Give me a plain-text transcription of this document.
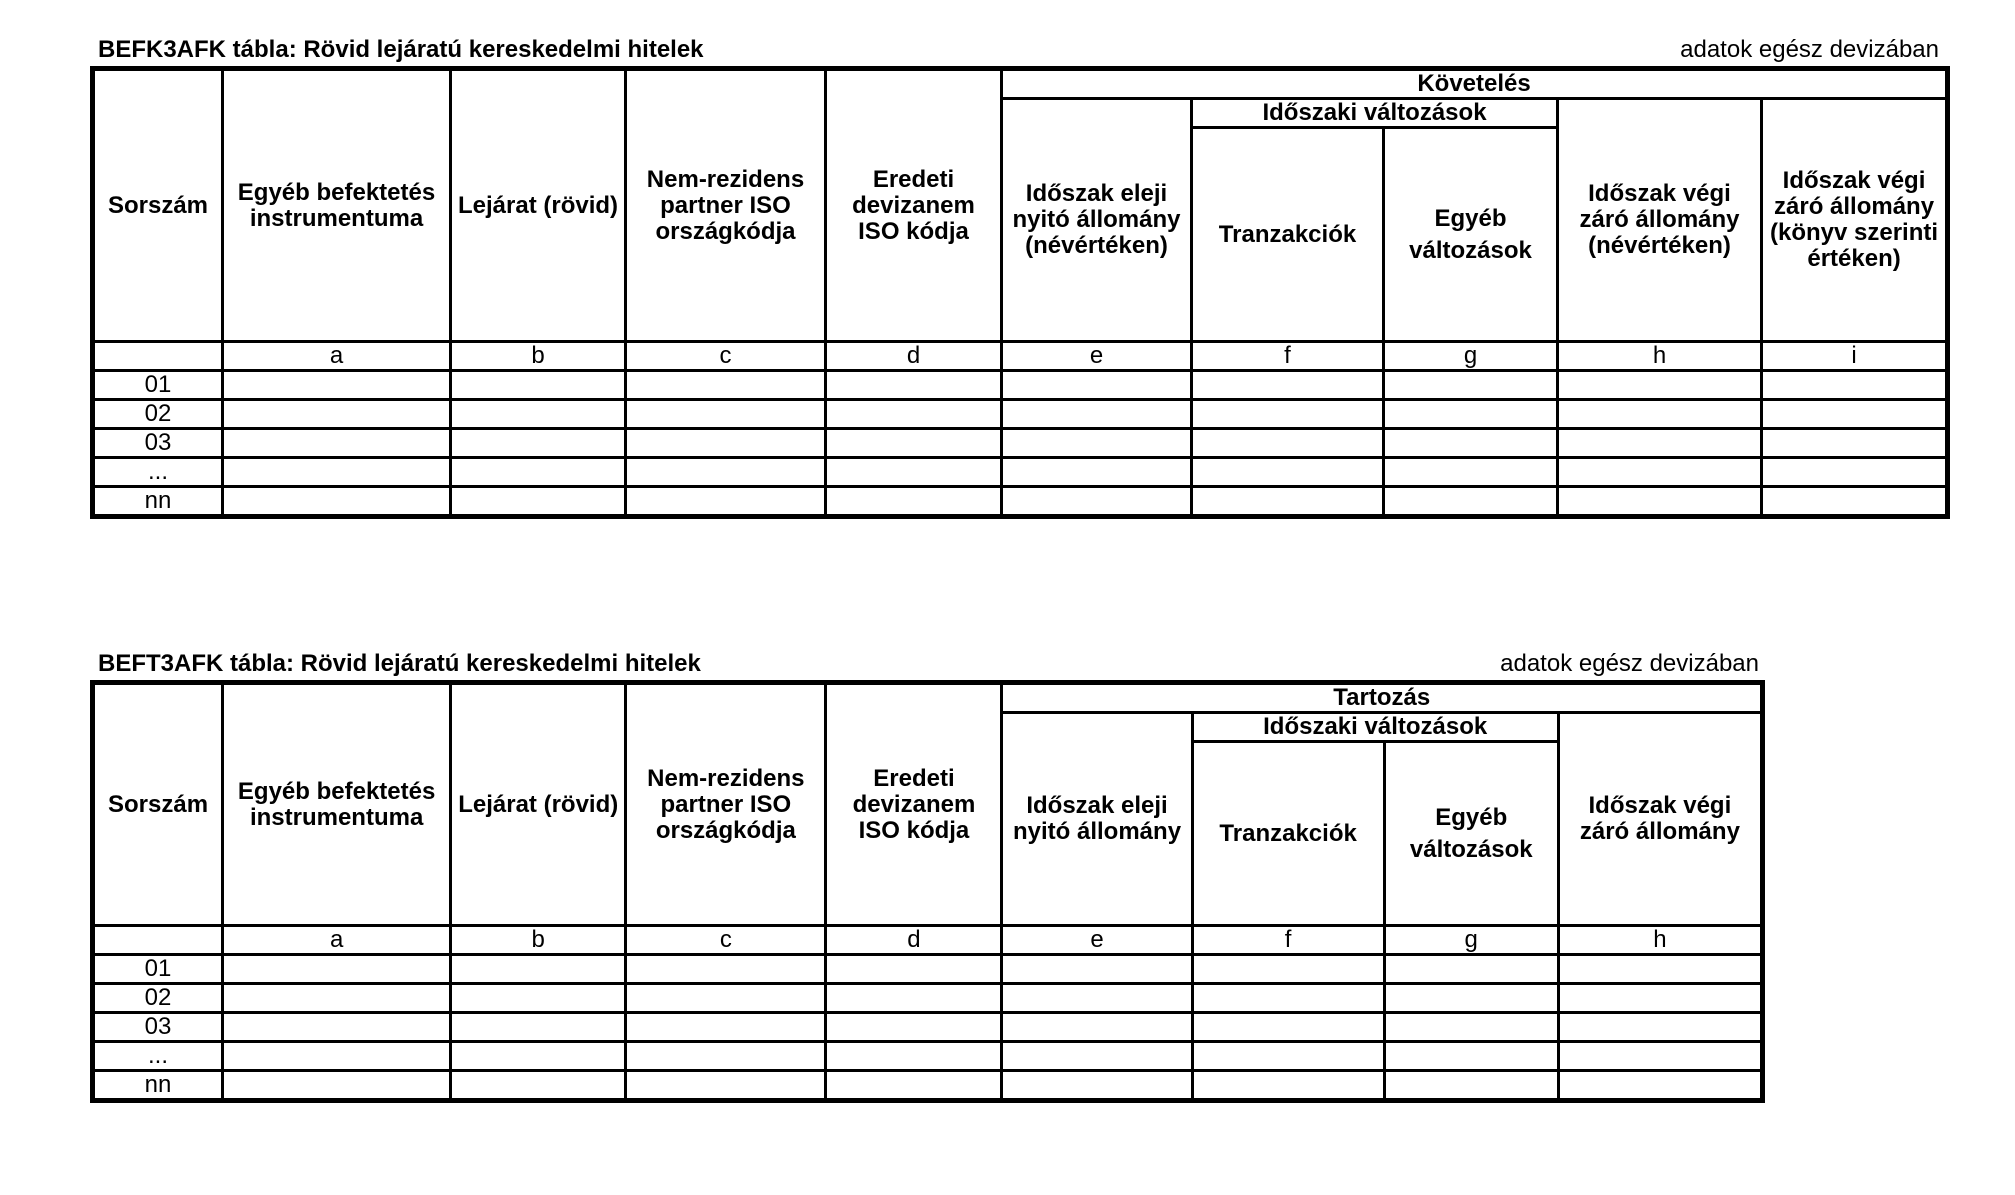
BEFK3AFK tábla: Rövid lejáratú kereskedelmi hitelek	adatok egész devizában
Sorszám	Egyéb befektetés instrumentuma	Lejárat (rövid)	Nem-rezidens partner ISO országkódja	Eredeti devizanem ISO kódja	Követelés				
					Időszak eleji nyitó állomány (névértéken)	Időszaki változások		Időszak végi záró állomány (névértéken)	Időszak végi záró állomány (könyv szerinti értéken)
						Tranzakciók	Egyéb változások		
	a	b	c	d	e	f	g	h	i
01									
02									
03									
...									
nn									
BEFT3AFK tábla: Rövid lejáratú kereskedelmi hitelek	adatok egész devizában
Sorszám	Egyéb befektetés instrumentuma	Lejárat (rövid)	Nem-rezidens partner ISO országkódja	Eredeti devizanem ISO kódja	Tartozás			
					Időszak eleji nyitó állomány	Időszaki változások		Időszak végi záró állomány
						Tranzakciók	Egyéb változások	
	a	b	c	d	e	f	g	h
01								
02								
03								
...								
nn								
